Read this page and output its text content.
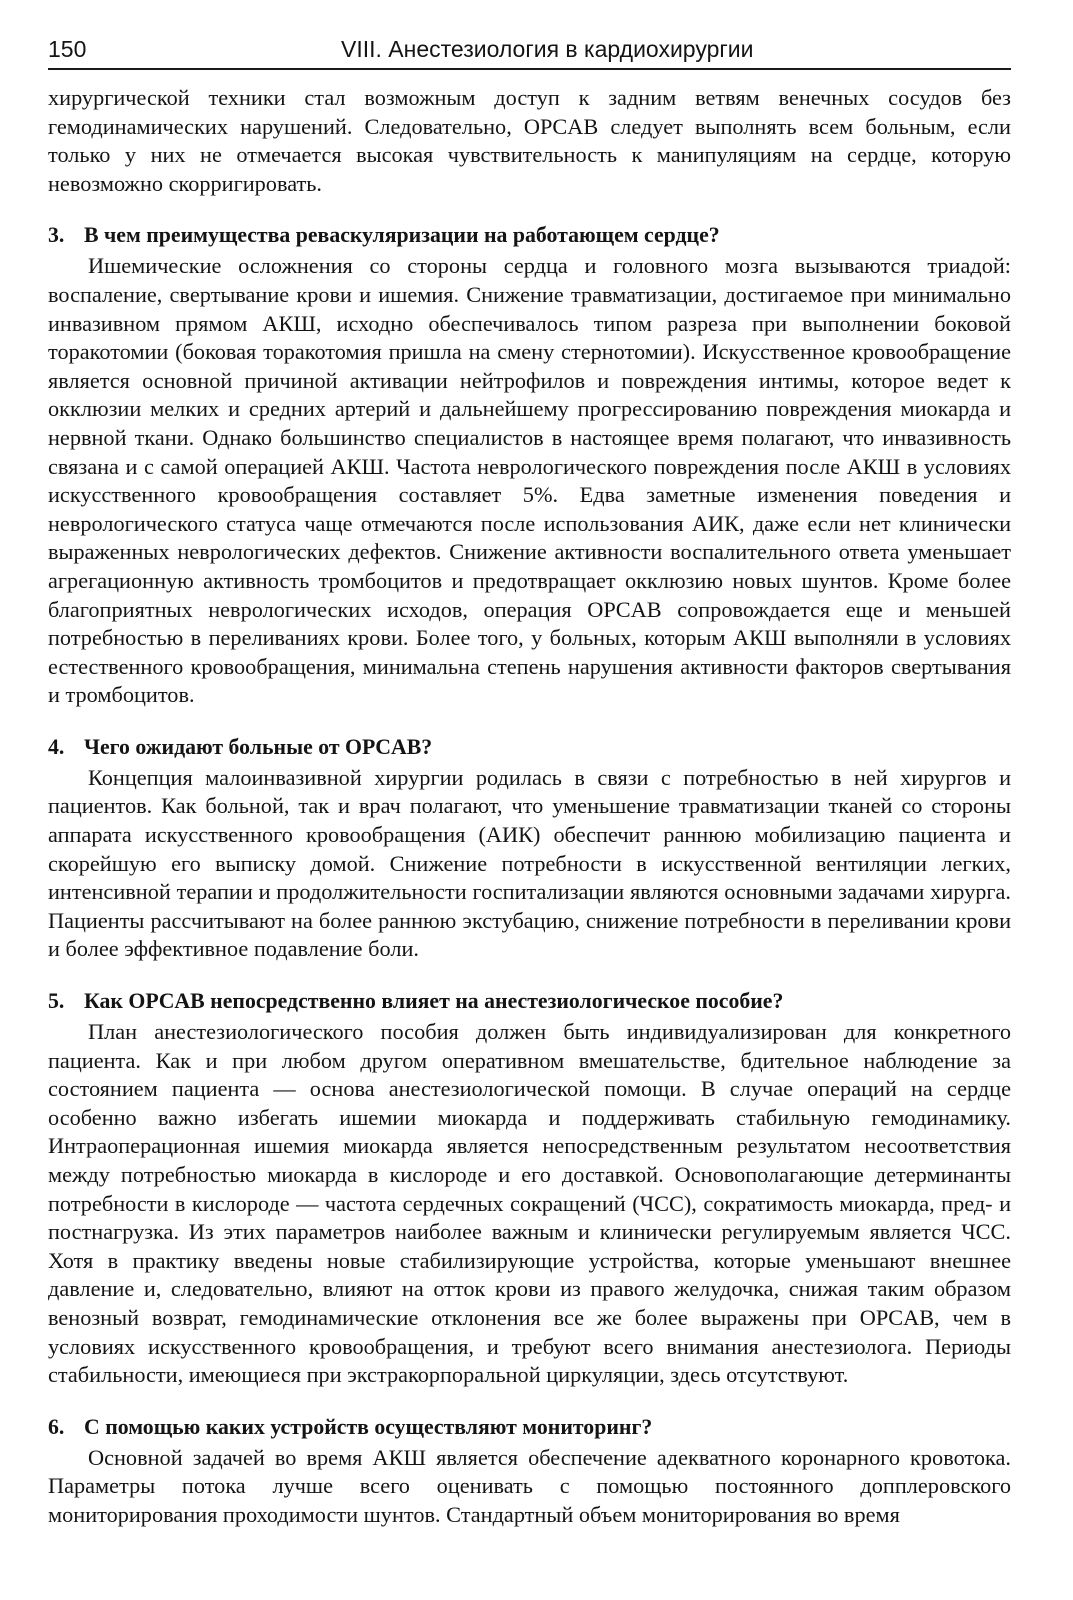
150	VIII. Анестезиология в кардиохирургии

хирургической техники стал возможным доступ к задним ветвям венечных сосудов без гемодинамических нарушений. Следовательно, OPCAB следует выполнять всем больным, если только у них не отмечается высокая чувствительность к манипуляциям на сердце, которую невозможно скорригировать.

3. В чем преимущества реваскуляризации на работающем сердце?

Ишемические осложнения со стороны сердца и головного мозга вызываются триадой: воспаление, свертывание крови и ишемия. Снижение травматизации, достигаемое при минимально инвазивном прямом АКШ, исходно обеспечивалось типом разреза при выполнении боковой торакотомии (боковая торакотомия пришла на смену стернотомии). Искусственное кровообращение является основной причиной активации нейтрофилов и повреждения интимы, которое ведет к окклюзии мелких и средних артерий и дальнейшему прогрессированию повреждения миокарда и нервной ткани. Однако большинство специалистов в настоящее время полагают, что инвазивность связана и с самой операцией АКШ. Частота неврологического повреждения после АКШ в условиях искусственного кровообращения составляет 5%. Едва заметные изменения поведения и неврологического статуса чаще отмечаются после использования АИК, даже если нет клинически выраженных неврологических дефектов. Снижение активности воспалительного ответа уменьшает агрегационную активность тромбоцитов и предотвращает окклюзию новых шунтов. Кроме более благоприятных неврологических исходов, операция OPCAB сопровождается еще и меньшей потребностью в переливаниях крови. Более того, у больных, которым АКШ выполняли в условиях естественного кровообращения, минимальна степень нарушения активности факторов свертывания и тромбоцитов.

4. Чего ожидают больные от OPCAB?

Концепция малоинвазивной хирургии родилась в связи с потребностью в ней хирургов и пациентов. Как больной, так и врач полагают, что уменьшение травматизации тканей со стороны аппарата искусственного кровообращения (АИК) обеспечит раннюю мобилизацию пациента и скорейшую его выписку домой. Снижение потребности в искусственной вентиляции легких, интенсивной терапии и продолжительности госпитализации являются основными задачами хирурга. Пациенты рассчитывают на более раннюю экстубацию, снижение потребности в переливании крови и более эффективное подавление боли.

5. Как OPCAB непосредственно влияет на анестезиологическое пособие?

План анестезиологического пособия должен быть индивидуализирован для конкретного пациента. Как и при любом другом оперативном вмешательстве, бдительное наблюдение за состоянием пациента — основа анестезиологической помощи. В случае операций на сердце особенно важно избегать ишемии миокарда и поддерживать стабильную гемодинамику. Интраоперационная ишемия миокарда является непосредственным результатом несоответствия между потребностью миокарда в кислороде и его доставкой. Основополагающие детерминанты потребности в кислороде — частота сердечных сокращений (ЧСС), сократимость миокарда, пред- и постнагрузка. Из этих параметров наиболее важным и клинически регулируемым является ЧСС. Хотя в практику введены новые стабилизирующие устройства, которые уменьшают внешнее давление и, следовательно, влияют на отток крови из правого желудочка, снижая таким образом венозный возврат, гемодинамические отклонения все же более выражены при OPCAB, чем в условиях искусственного кровообращения, и требуют всего внимания анестезиолога. Периоды стабильности, имеющиеся при экстракорпоральной циркуляции, здесь отсутствуют.

6. С помощью каких устройств осуществляют мониторинг?

Основной задачей во время АКШ является обеспечение адекватного коронарного кровотока. Параметры потока лучше всего оценивать с помощью постоянного допплеровского мониторирования проходимости шунтов. Стандартный объем мониторирования во время
